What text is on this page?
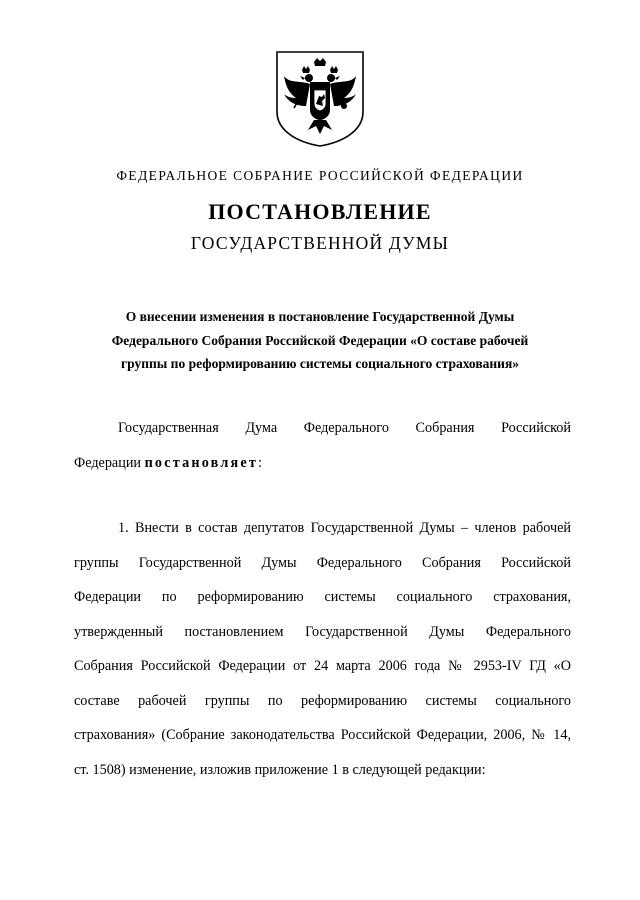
ФЕДЕРАЛЬНОЕ СОБРАНИЕ РОССИЙСКОЙ ФЕДЕРАЦИИ
ПОСТАНОВЛЕНИЕ
ГОСУДАРСТВЕННОЙ ДУМЫ
О внесении изменения в постановление Государственной Думы
Федерального Собрания Российской Федерации «О составе рабочей
группы по реформированию системы социального страхования»
Государственная Дума Федерального Собрания Российской
Федерации постановляет:
1. Внести в состав депутатов Государственной Думы – членов рабочей
группы Государственной Думы Федерального Собрания Российской
Федерации по реформированию системы социального страхования,
утвержденный постановлением Государственной Думы Федерального
Собрания Российской Федерации от 24 марта 2006 года № 2953-IV ГД «О
составе рабочей группы по реформированию системы социального
страхования» (Собрание законодательства Российской Федерации, 2006, № 14,
ст. 1508) изменение, изложив приложение 1 в следующей редакции:
